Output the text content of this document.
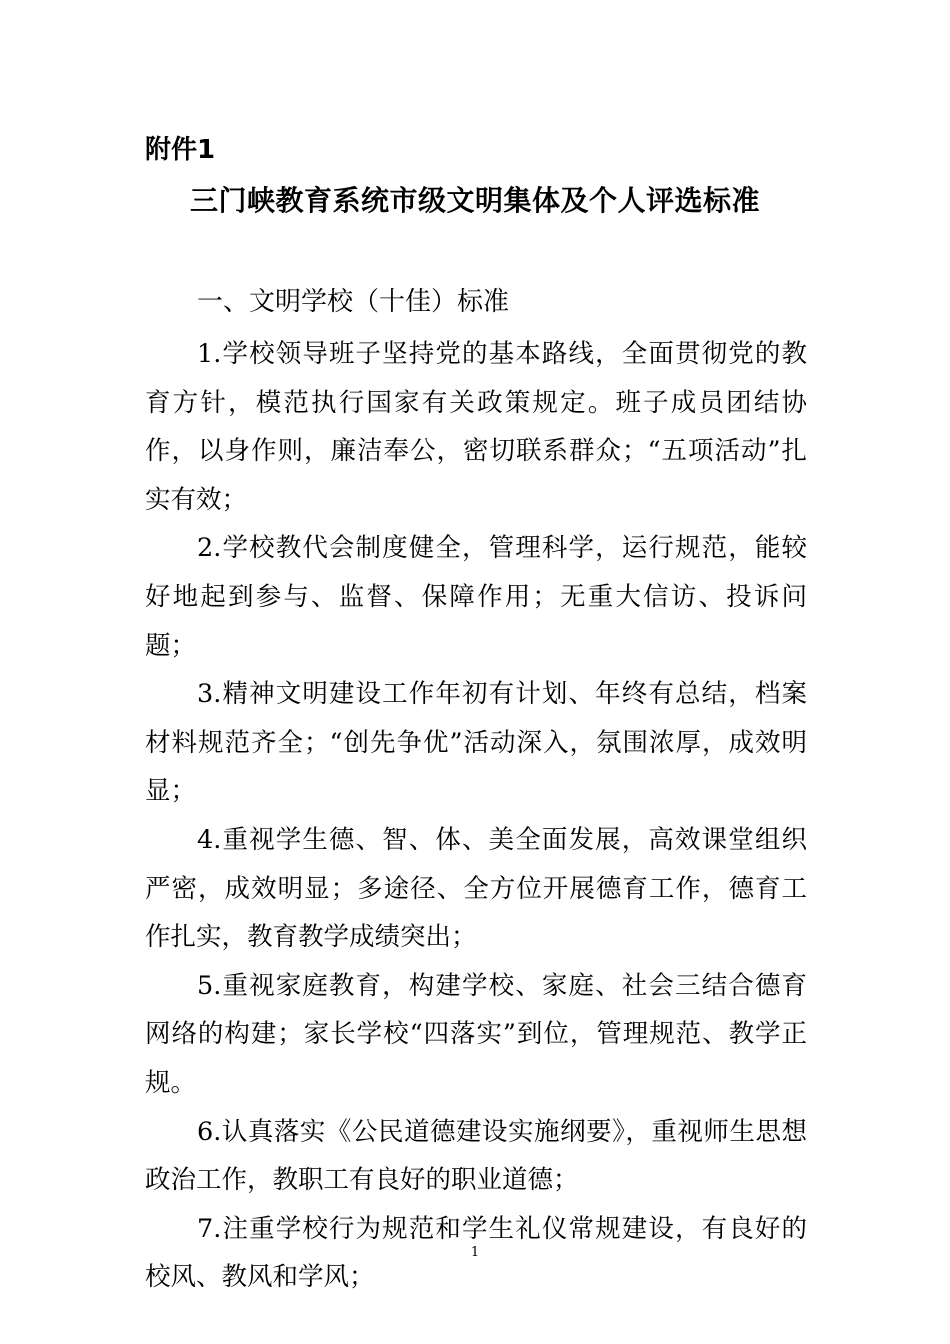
附件1
三门峡教育系统市级文明集体及个人评选标准
一、文明学校（十佳）标准

1.学校领导班子坚持党的基本路线，全面贯彻党的教育方针，模范执行国家有关政策规定。班子成员团结协作，以身作则，廉洁奉公，密切联系群众；“五项活动”扎实有效；

2.学校教代会制度健全，管理科学，运行规范，能较好地起到参与、监督、保障作用；无重大信访、投诉问题；

3.精神文明建设工作年初有计划、年终有总结，档案材料规范齐全；“创先争优”活动深入，氛围浓厚，成效明显；

4.重视学生德、智、体、美全面发展，高效课堂组织严密，成效明显；多途径、全方位开展德育工作，德育工作扎实，教育教学成绩突出；

5.重视家庭教育，构建学校、家庭、社会三结合德育网络的构建；家长学校“四落实”到位，管理规范、教学正规。

6.认真落实《公民道德建设实施纲要》，重视师生思想政治工作，教职工有良好的职业道德；

7.注重学校行为规范和学生礼仪常规建设，有良好的校风、教风和学风；

1
